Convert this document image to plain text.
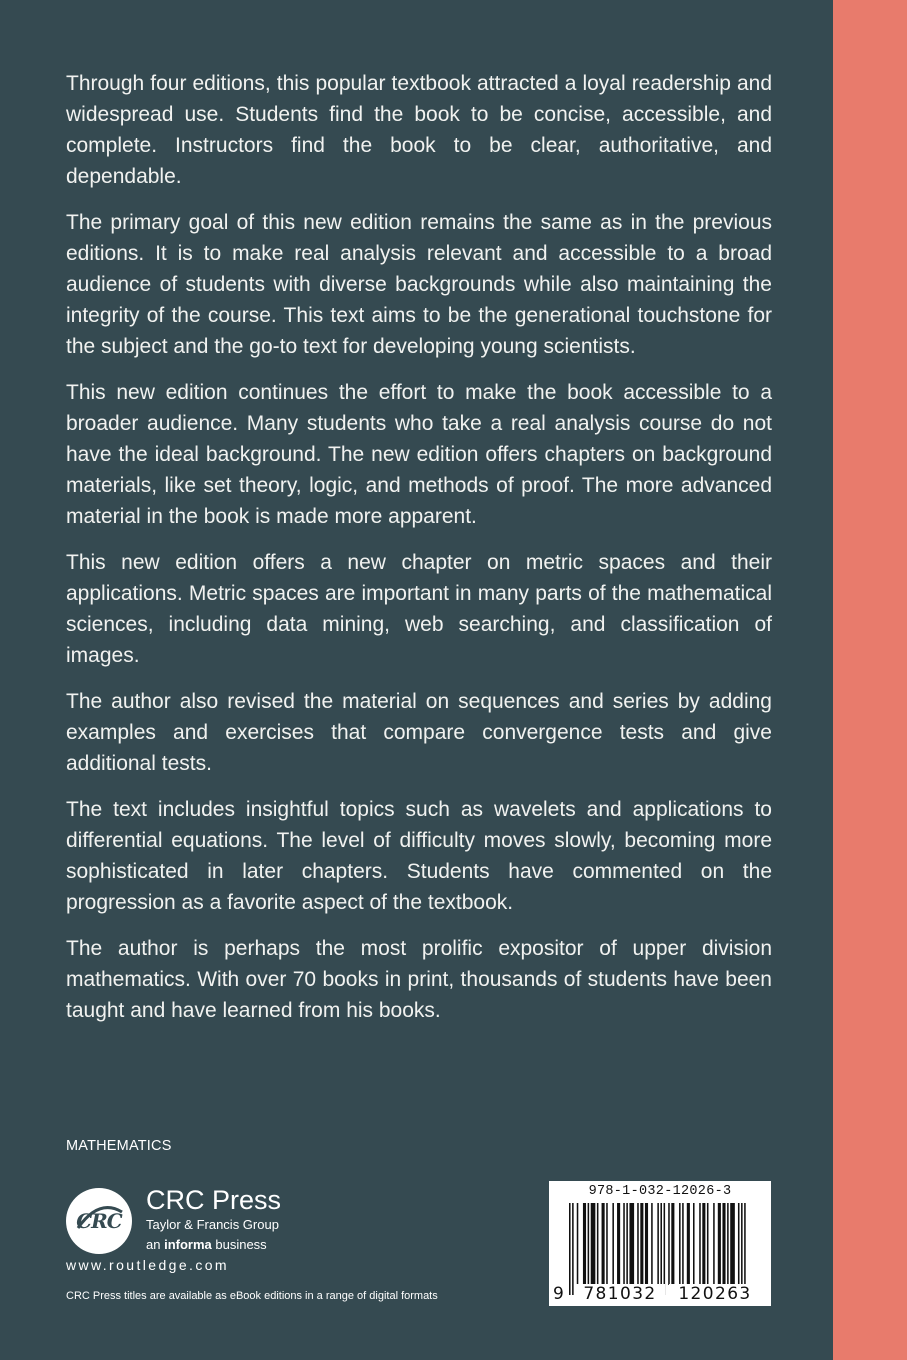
Through four editions, this popular textbook attracted a loyal readership and widespread use. Students find the book to be concise, accessible, and complete. Instructors find the book to be clear, authoritative, and dependable.

The primary goal of this new edition remains the same as in the previous editions. It is to make real analysis relevant and accessible to a broad audience of students with diverse backgrounds while also maintaining the integrity of the course. This text aims to be the generational touchstone for the subject and the go-to text for developing young scientists.

This new edition continues the effort to make the book accessible to a broader audience. Many students who take a real analysis course do not have the ideal background. The new edition offers chapters on background materials, like set theory, logic, and methods of proof. The more advanced material in the book is made more apparent.

This new edition offers a new chapter on metric spaces and their applications. Metric spaces are important in many parts of the mathematical sciences, including data mining, web searching, and classification of images.

The author also revised the material on sequences and series by adding examples and exercises that compare convergence tests and give additional tests.

The text includes insightful topics such as wavelets and applications to differential equations. The level of difficulty moves slowly, becoming more sophisticated in later chapters. Students have commented on the progression as a favorite aspect of the textbook.

The author is perhaps the most prolific expositor of upper division mathematics. With over 70 books in print, thousands of students have been taught and have learned from his books.

MATHEMATICS
CRC
CRC Press
Taylor & Francis Group
an informa business
www.routledge.com
CRC Press titles are available as eBook editions in a range of digital formats
978-1-032-12026-3
9	781032	120263
